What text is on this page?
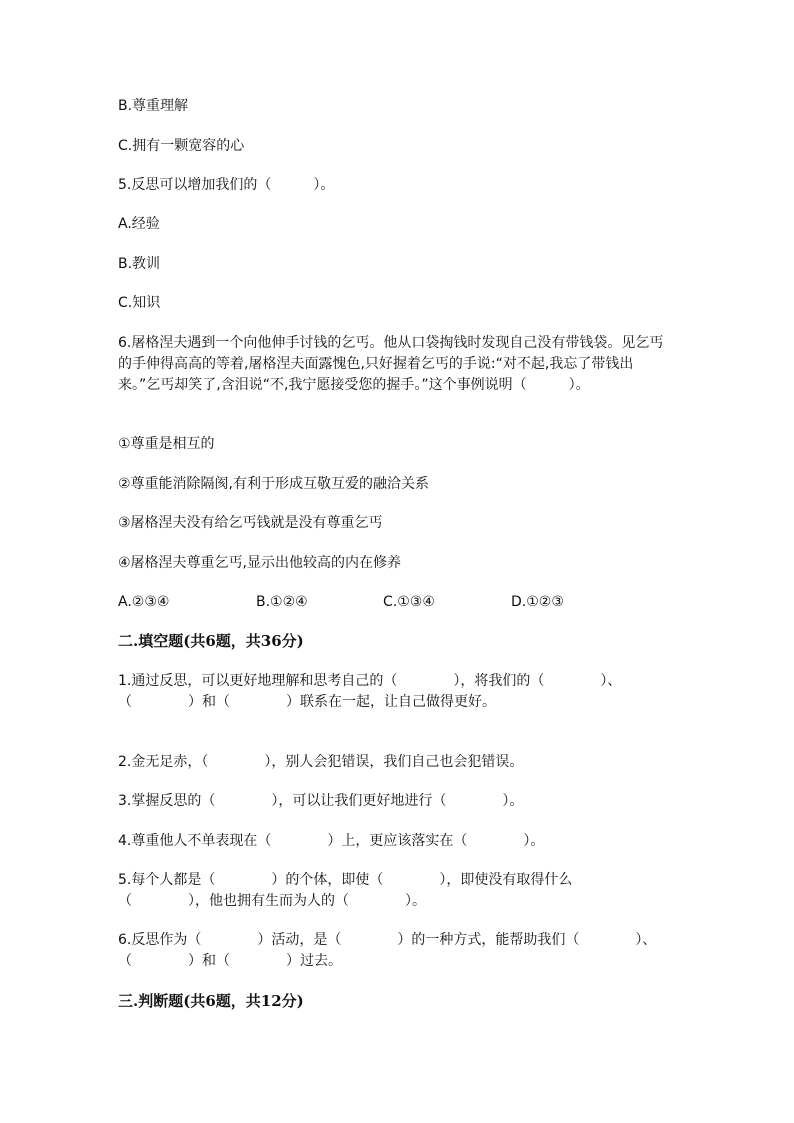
B.尊重理解
C.拥有一颗宽容的心
5.反思可以增加我们的（　　　）。
A.经验
B.教训
C.知识
6.屠格涅夫遇到一个向他伸手讨钱的乞丐。他从口袋掏钱时发现自己没有带钱袋。见乞丐的手伸得高高的等着,屠格涅夫面露愧色,只好握着乞丐的手说:“对不起,我忘了带钱出来。”乞丐却笑了,含泪说“不,我宁愿接受您的握手。”这个事例说明（　　　）。
①尊重是相互的
②尊重能消除隔阂,有利于形成互敬互爱的融洽关系
③屠格涅夫没有给乞丐钱就是没有尊重乞丐
④屠格涅夫尊重乞丐,显示出他较高的内在修养
A.②③④	B.①②④	C.①③④	D.①②③
二.填空题(共6题，共36分)
1.通过反思，可以更好地理解和思考自己的（　　　　），将我们的（　　　　）、（　　　　）和（　　　　）联系在一起，让自己做得更好。
2.金无足赤，（　　　　），别人会犯错误，我们自己也会犯错误。
3.掌握反思的（　　　　），可以让我们更好地进行（　　　　）。
4.尊重他人不单表现在（　　　　）上，更应该落实在（　　　　）。
5.每个人都是（　　　　）的个体，即使（　　　　），即使没有取得什么（　　　　），他也拥有生而为人的（　　　　）。
6.反思作为（　　　　）活动，是（　　　　）的一种方式，能帮助我们（　　　　）、（　　　　）和（　　　　）过去。
三.判断题(共6题，共12分)
